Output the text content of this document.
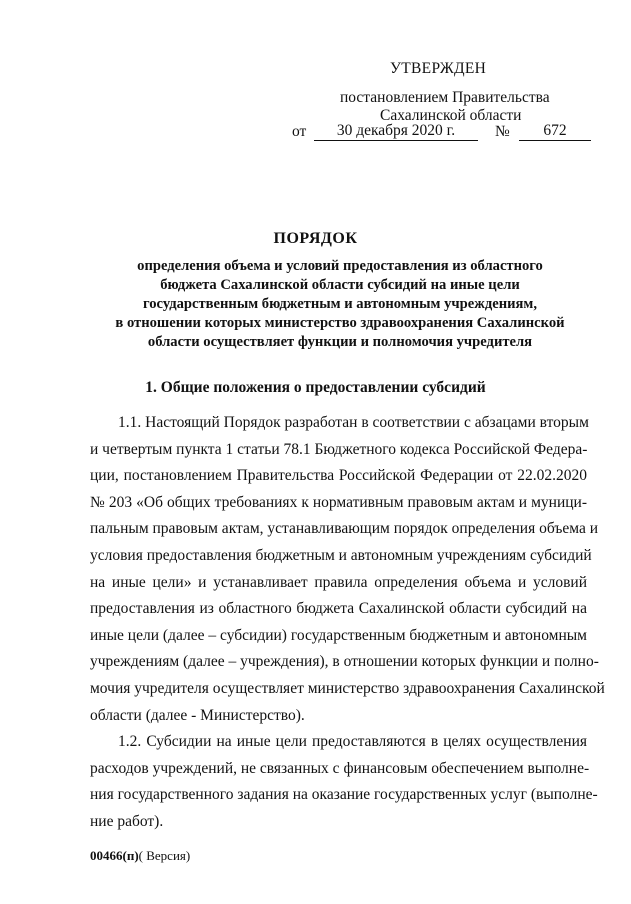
УТВЕРЖДЕН
постановлением Правительства
Сахалинской области
от	30 декабря 2020 г.	№	672
ПОРЯДОК
определения объема и условий предоставления из областного
бюджета Сахалинской области субсидий на иные цели
государственным бюджетным и автономным учреждениям,
в отношении которых министерство здравоохранения Сахалинской
области осуществляет функции и полномочия учредителя
1. Общие положения о предоставлении субсидий
1.1. Настоящий Порядок разработан в соответствии с абзацами вторым
и четвертым пункта 1 статьи 78.1 Бюджетного кодекса Российской Федера-
ции, постановлением Правительства Российской Федерации от 22.02.2020
№ 203 «Об общих требованиях к нормативным правовым актам и муници-
пальным правовым актам, устанавливающим порядок определения объема и
условия предоставления бюджетным и автономным учреждениям субсидий
на иные цели» и устанавливает правила определения объема и условий
предоставления из областного бюджета Сахалинской области субсидий на
иные цели (далее – субсидии) государственным бюджетным и автономным
учреждениям (далее – учреждения), в отношении которых функции и полно-
мочия учредителя осуществляет министерство здравоохранения Сахалинской
области (далее - Министерство).
1.2. Субсидии на иные цели предоставляются в целях осуществления
расходов учреждений, не связанных с финансовым обеспечением выполне-
ния государственного задания на оказание государственных услуг (выполне-
ние работ).
00466(п)( Версия)
